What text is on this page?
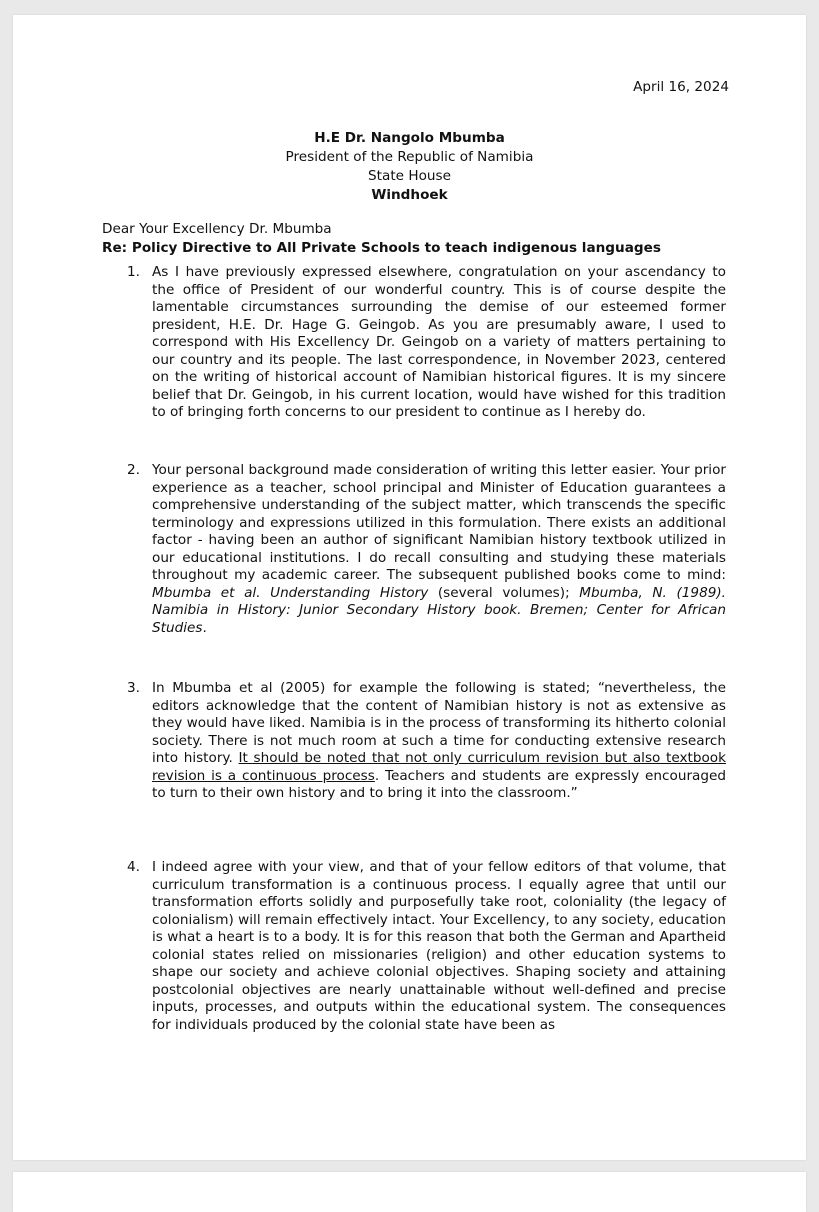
April 16, 2024
H.E Dr. Nangolo Mbumba
President of the Republic of Namibia
State House
Windhoek
Dear Your Excellency Dr. Mbumba
Re: Policy Directive to All Private Schools to teach indigenous languages
1. As I have previously expressed elsewhere, congratulation on your ascendancy to the office of President of our wonderful country. This is of course despite the lamentable circumstances surrounding the demise of our esteemed former president, H.E. Dr. Hage G. Geingob. As you are presumably aware, I used to correspond with His Excellency Dr. Geingob on a variety of matters pertaining to our country and its people. The last correspondence, in November 2023, centered on the writing of historical account of Namibian historical figures. It is my sincere belief that Dr. Geingob, in his current location, would have wished for this tradition to of bringing forth concerns to our president to continue as I hereby do.
2. Your personal background made consideration of writing this letter easier. Your prior experience as a teacher, school principal and Minister of Education guarantees a comprehensive understanding of the subject matter, which transcends the specific terminology and expressions utilized in this formulation. There exists an additional factor - having been an author of significant Namibian history textbook utilized in our educational institutions. I do recall consulting and studying these materials throughout my academic career. The subsequent published books come to mind: Mbumba et al. Understanding History (several volumes); Mbumba, N. (1989). Namibia in History: Junior Secondary History book. Bremen; Center for African Studies.
3. In Mbumba et al (2005) for example the following is stated; “nevertheless, the editors acknowledge that the content of Namibian history is not as extensive as they would have liked. Namibia is in the process of transforming its hitherto colonial society. There is not much room at such a time for conducting extensive research into history. It should be noted that not only curriculum revision but also textbook revision is a continuous process. Teachers and students are expressly encouraged to turn to their own history and to bring it into the classroom.”
4. I indeed agree with your view, and that of your fellow editors of that volume, that curriculum transformation is a continuous process. I equally agree that until our transformation efforts solidly and purposefully take root, coloniality (the legacy of colonialism) will remain effectively intact. Your Excellency, to any society, education is what a heart is to a body. It is for this reason that both the German and Apartheid colonial states relied on missionaries (religion) and other education systems to shape our society and achieve colonial objectives. Shaping society and attaining postcolonial objectives are nearly unattainable without well-defined and precise inputs, processes, and outputs within the educational system. The consequences for individuals produced by the colonial state have been as
